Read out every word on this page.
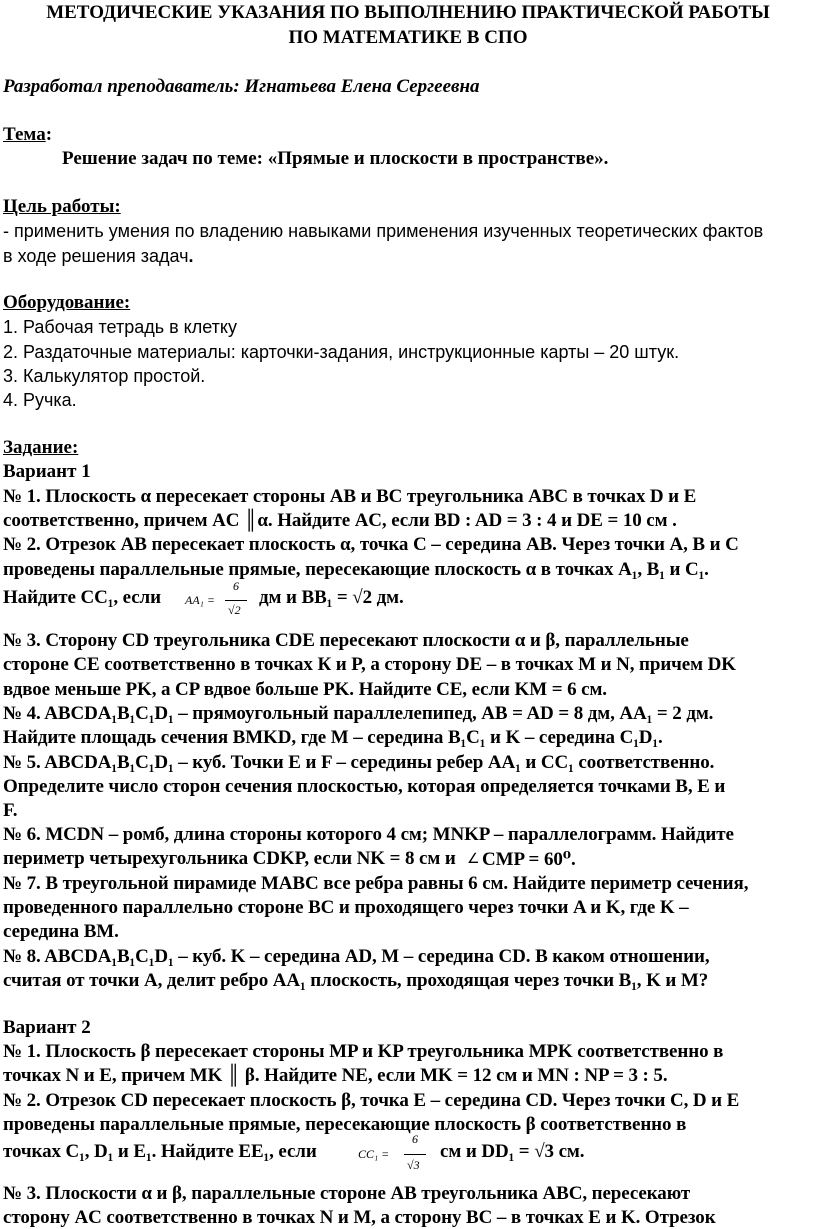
МЕТОДИЧЕСКИЕ УКАЗАНИЯ ПО ВЫПОЛНЕНИЮ ПРАКТИЧЕСКОЙ РАБОТЫ
ПО МАТЕМАТИКЕ В СПО
Разработал преподаватель: Игнатьева Елена Сергеевна
Тема:
Решение задач по теме: «Прямые и плоскости в пространстве».
Цель работы:
- применить умения по владению навыками применения изученных теоретических фактов
в ходе решения задач.
Оборудование:
1. Рабочая тетрадь в клетку
2. Раздаточные материалы: карточки-задания, инструкционные карты – 20 штук.
3. Калькулятор простой.
4. Ручка.
Задание:
Вариант 1
№ 1. Плоскость α пересекает стороны AB и BC треугольника ABC в точках D и E
соответственно, причем AC ║α. Найдите AC, если BD : AD = 3 : 4 и DE = 10 см .
№ 2. Отрезок AB пересекает плоскость α, точка C – середина AB. Через точки A, B и C
проведены параллельные прямые, пересекающие плоскость α в точках A₁, B₁ и C₁.
Найдите CC₁, если AA₁ =
6
√2
дм и BB₁ = √2 дм.
№ 3. Сторону CD треугольника CDE пересекают плоскости α и β, параллельные
стороне CE соответственно в точках К и P, а сторону DE – в точках M и N, причем DK
вдвое меньше PK, а CP вдвое больше PK. Найдите CE, если KM = 6 см.
№ 4. ABCDA₁B₁C₁D₁ – прямоугольный параллелепипед, AB = AD = 8 дм, AA₁ = 2 дм.
Найдите площадь сечения BMKD, где M – середина B₁C₁ и K – середина C₁D₁.
№ 5. ABCDA₁B₁C₁D₁ – куб. Точки E и F – середины ребер AA₁ и CC₁ соответственно.
Определите число сторон сечения плоскостью, которая определяется точками B, E и
F.
№ 6. MCDN – ромб, длина стороны которого 4 см; MNKP – параллелограмм. Найдите
периметр четырехугольника CDKP, если NK = 8 см и ∠ CMP = 60⁰.
№ 7. В треугольной пирамиде MABC все ребра равны 6 см. Найдите периметр сечения,
проведенного параллельно стороне BC и проходящего через точки A и K, где K –
середина BM.
№ 8. ABCDA₁B₁C₁D₁ – куб. K – середина AD, M – середина CD. В каком отношении,
считая от точки A, делит ребро AA₁ плоскость, проходящая через точки B₁, K и M?
Вариант 2
№ 1. Плоскость β пересекает стороны MP и KP треугольника MPK соответственно в
точках N и E, причем MK ║ β. Найдите NE, если MK = 12 см и MN : NP = 3 : 5.
№ 2. Отрезок CD пересекает плоскость β, точка E – середина CD. Через точки C, D и E
проведены параллельные прямые, пересекающие плоскость β соответственно в
точках C₁, D₁ и E₁. Найдите EE₁, если	CC₁ =
6
√3
см и DD₁ = √3 см.
№ 3. Плоскости α и β, параллельные стороне AB треугольника ABC, пересекают
сторону AC соответственно в точках N и M, а сторону BC – в точках E и K. Отрезок
